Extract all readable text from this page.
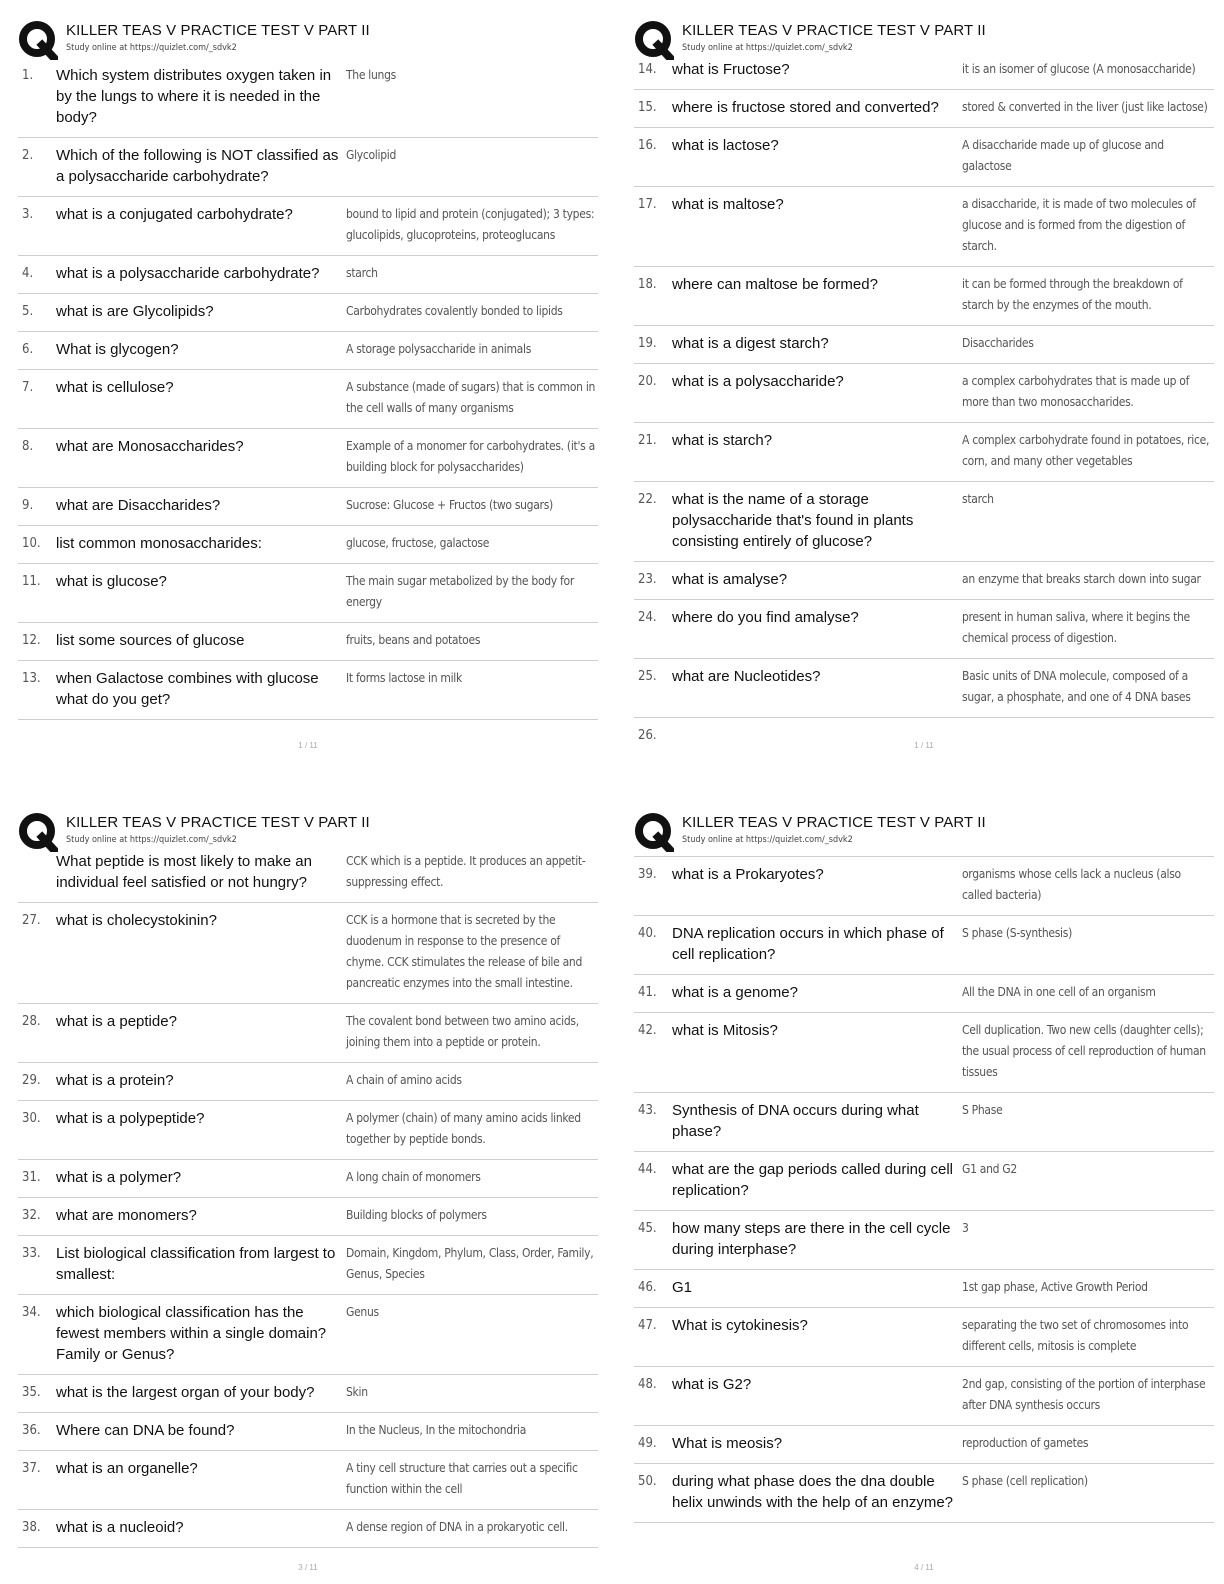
KILLER TEAS V PRACTICE TEST V PART II
Study online at https://quizlet.com/_sdvk2
1.	Which system distributes oxygen taken in by the lungs to where it is needed in the body?
The lungs
2.	Which of the following is NOT classified as a polysaccharide carbohydrate?
Glycolipid
3.	what is a conjugated carbohydrate?	bound to lipid and protein (conjugated); 3 types: glucolipids, glucoproteins, proteoglucans
4.	what is a polysaccharide carbohydrate?	starch
5.	what is are Glycolipids?	Carbohydrates covalently bonded to lipids
6.	What is glycogen?	A storage polysaccharide in animals
7.	what is cellulose?	A substance (made of sugars) that is common in the cell walls of many organisms
8.	what are Monosaccharides?	Example of a monomer for carbohydrates. (it's a building block for polysaccharides)
9.	what are Disaccharides?	Sucrose: Glucose + Fructos (two sugars)
10.	list common monosaccharides:	glucose, fructose, galactose
11.	what is glucose?	The main sugar metabolized by the body for energy
12.	list some sources of glucose	fruits, beans and potatoes
13.	when Galactose combines with glucose what do you get?
It forms lactose in milk
1 / 11
KILLER TEAS V PRACTICE TEST V PART II
Study online at https://quizlet.com/_sdvk2
14.	what is Fructose?	it is an isomer of glucose (A monosaccharide)
15.	where is fructose stored and converted?	stored & converted in the liver (just like lactose)
16.	what is lactose?	A disaccharide made up of glucose and galactose
17.	what is maltose?	a disaccharide, it is made of two molecules of glucose and is formed from the digestion of starch.
18.	where can maltose be formed?	it can be formed through the breakdown of starch by the enzymes of the mouth.
19.	what is a digest starch?	Disaccharides
20.	what is a polysaccharide?	a complex carbohydrates that is made up of more than two monosaccharides.
21.	what is starch?	A complex carbohydrate found in potatoes, rice, corn, and many other vegetables
22.	what is the name of a storage polysaccharide that's found in plants consisting entirely of glucose?
starch
23.	what is amalyse?	an enzyme that breaks starch down into sugar
24.	where do you find amalyse?	present in human saliva, where it begins the chemical process of digestion.
25.	what are Nucleotides?	Basic units of DNA molecule, composed of a sugar, a phosphate, and one of 4 DNA bases
26.
1 / 11
KILLER TEAS V PRACTICE TEST V PART II
Study online at https://quizlet.com/_sdvk2
What peptide is most likely to make an individual feel satisfied or not hungry?
CCK which is a peptide. It produces an appetit-suppressing effect.
27.	what is cholecystokinin?	CCK is a hormone that is secreted by the duodenum in response to the presence of chyme. CCK stimulates the release of bile and pancreatic enzymes into the small intestine.
28.	what is a peptide?	The covalent bond between two amino acids, joining them into a peptide or protein.
29.	what is a protein?	A chain of amino acids
30.	what is a polypeptide?	A polymer (chain) of many amino acids linked together by peptide bonds.
31.	what is a polymer?	A long chain of monomers
32.	what are monomers?	Building blocks of polymers
33.	List biological classification from largest to smallest:
Domain, Kingdom, Phylum, Class, Order, Family, Genus, Species
34.	which biological classification has the fewest members within a single domain? Family or Genus?
Genus
35.	what is the largest organ of your body?	Skin
36.	Where can DNA be found?	In the Nucleus, In the mitochondria
37.	what is an organelle?	A tiny cell structure that carries out a specific function within the cell
38.	what is a nucleoid?	A dense region of DNA in a prokaryotic cell.
3 / 11
KILLER TEAS V PRACTICE TEST V PART II
Study online at https://quizlet.com/_sdvk2
39.	what is a Prokaryotes?	organisms whose cells lack a nucleus (also called bacteria)
40.	DNA replication occurs in which phase of cell replication?
S phase (S-synthesis)
41.	what is a genome?	All the DNA in one cell of an organism
42.	what is Mitosis?	Cell duplication. Two new cells (daughter cells); the usual process of cell reproduction of human tissues
43.	Synthesis of DNA occurs during what phase?
S Phase
44.	what are the gap periods called during cell replication?
G1 and G2
45.	how many steps are there in the cell cycle during interphase?
3
46.	G1	1st gap phase, Active Growth Period
47.	What is cytokinesis?	separating the two set of chromosomes into different cells, mitosis is complete
48.	what is G2?	2nd gap, consisting of the portion of interphase after DNA synthesis occurs
49.	What is meosis?	reproduction of gametes
50.	during what phase does the dna double helix unwinds with the help of an enzyme?
S phase (cell replication)
4 / 11
